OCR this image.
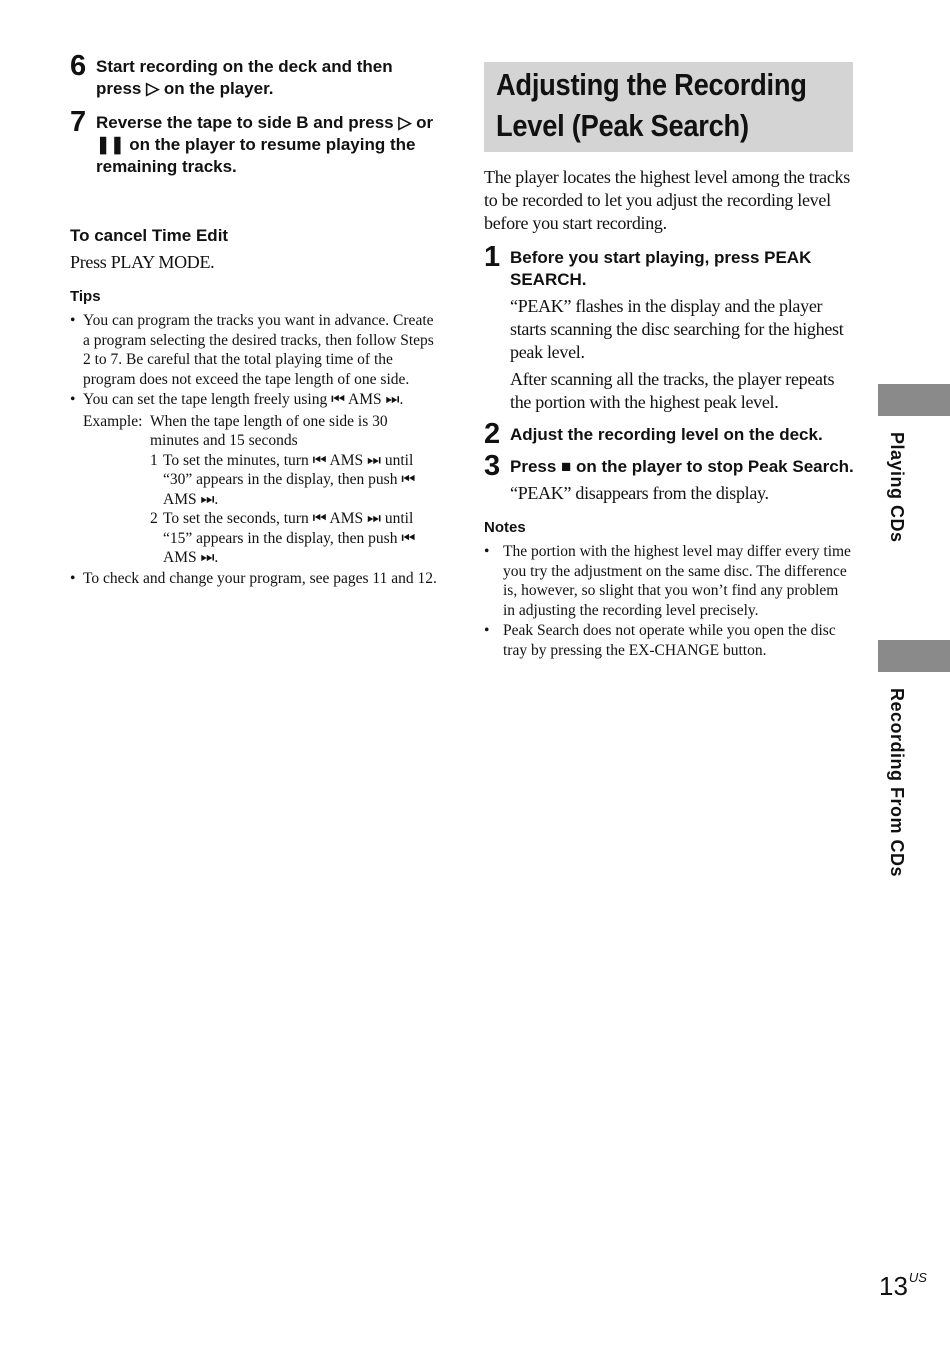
6 Start recording on the deck and then press ▷ on the player.
7 Reverse the tape to side B and press ▷ or ❚❚ on the player to resume playing the remaining tracks.
To cancel Time Edit

Press PLAY MODE.

Tips
• You can program the tracks you want in advance. Create a program selecting the desired tracks, then follow Steps 2 to 7. Be careful that the total playing time of the program does not exceed the tape length of one side.
• You can set the tape length freely using ⏮ AMS ⏭.
Example: When the tape length of one side is 30 minutes and 15 seconds
1 To set the minutes, turn ⏮ AMS ⏭ until “30” appears in the display, then push ⏮ AMS ⏭.
2 To set the seconds, turn ⏮ AMS ⏭ until “15” appears in the display, then push ⏮ AMS ⏭.
• To check and change your program, see pages 11 and 12.
Adjusting the Recording
Level (Peak Search)

The player locates the highest level among the tracks to be recorded to let you adjust the recording level before you start recording.

1 Before you start playing, press PEAK SEARCH.

“PEAK” flashes in the display and the player starts scanning the disc searching for the highest peak level.

After scanning all the tracks, the player repeats the portion with the highest peak level.

2 Adjust the recording level on the deck.
3 Press ■ on the player to stop Peak Search.

“PEAK” disappears from the display.

Notes
• The portion with the highest level may differ every time you try the adjustment on the same disc. The difference is, however, so slight that you won’t find any problem in adjusting the recording level precisely.
• Peak Search does not operate while you open the disc tray by pressing the EX-CHANGE button.
Playing CDs
Recording From CDs
$13^{US}$
